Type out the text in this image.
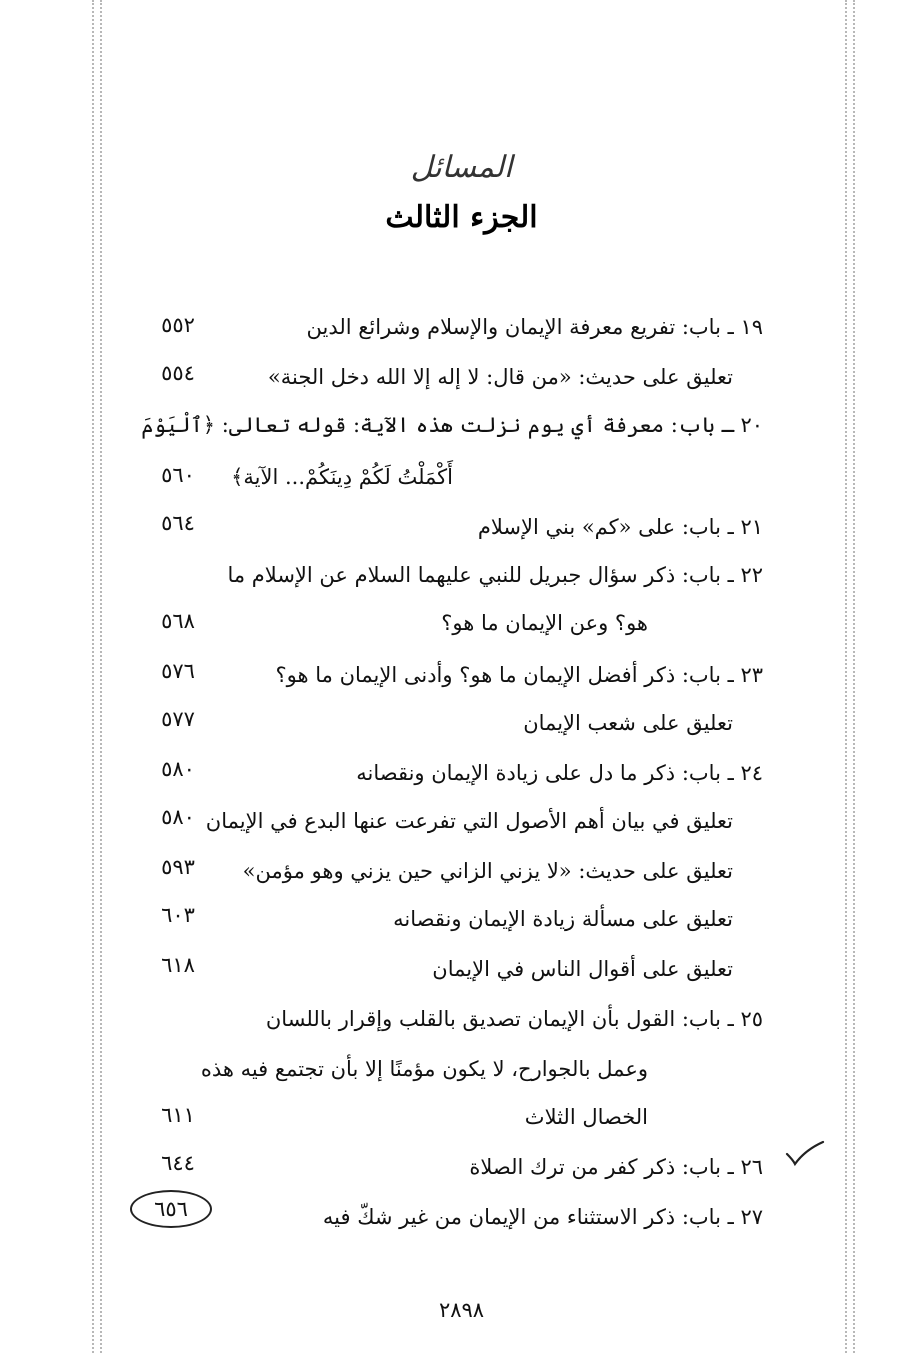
المسائل
الجزء الثالث
١٩ ـ باب: تفريع معرفة الإيمان والإسلام وشرائع الدين
٥٥٢
تعليق على حديث: «من قال: لا إله إلا الله دخل الجنة»
٥٥٤
٢٠ ـ باب: معرفة أي يوم نزلت هذه الآية: قوله تعالى: ﴿ٱلْيَوْمَ
أَكْمَلْتُ لَكُمْ دِينَكُمْ... الآية﴾
٥٦٠
٢١ ـ باب: على «كم» بني الإسلام
٥٦٤
٢٢ ـ باب: ذكر سؤال جبريل للنبي عليهما السلام عن الإسلام ما
هو؟ وعن الإيمان ما هو؟
٥٦٨
٢٣ ـ باب: ذكر أفضل الإيمان ما هو؟ وأدنى الإيمان ما هو؟
٥٧٦
تعليق على شعب الإيمان
٥٧٧
٢٤ ـ باب: ذكر ما دل على زيادة الإيمان ونقصانه
٥٨٠
تعليق في بيان أهم الأصول التي تفرعت عنها البدع في الإيمان
٥٨٠
تعليق على حديث: «لا يزني الزاني حين يزني وهو مؤمن»
٥٩٣
تعليق على مسألة زيادة الإيمان ونقصانه
٦٠٣
تعليق على أقوال الناس في الإيمان
٦١٨
٢٥ ـ باب: القول بأن الإيمان تصديق بالقلب وإقرار باللسان
وعمل بالجوارح، لا يكون مؤمنًا إلا بأن تجتمع فيه هذه
الخصال الثلاث
٦١١
٢٦ ـ باب: ذكر كفر من ترك الصلاة
٦٤٤
٢٧ ـ باب: ذكر الاستثناء من الإيمان من غير شكّ فيه
٦٥٦
٢٨٩٨
